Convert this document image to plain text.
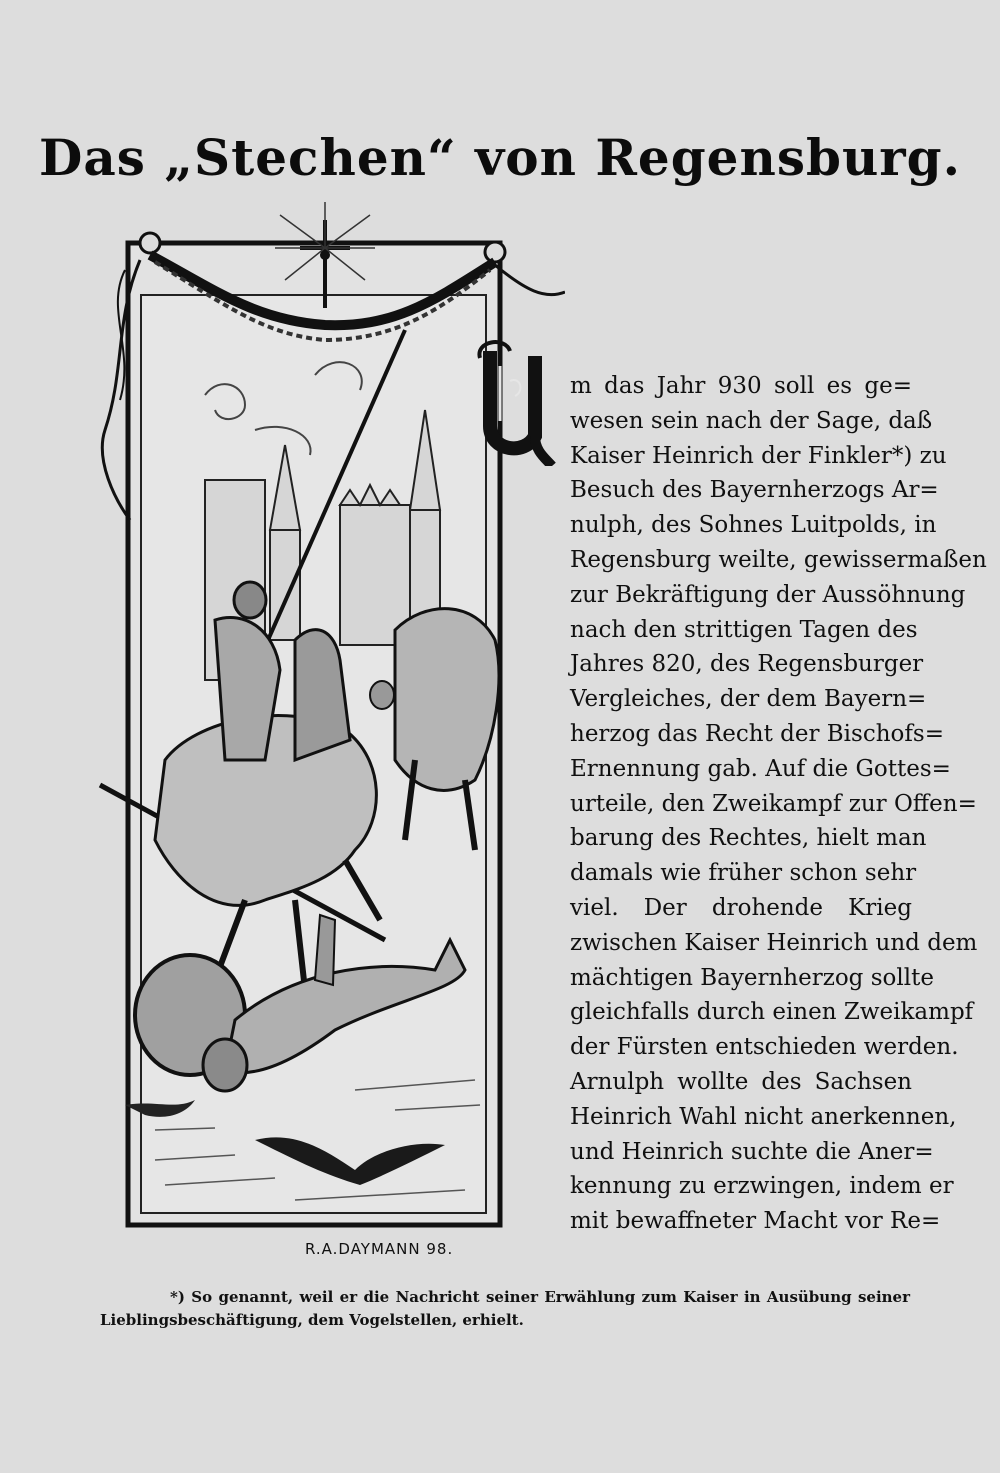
Das „Stechen“ von Regensburg.
R.A.DAYMANN 98.
U
m das Jahr 930 soll es ge=
wesen sein nach der Sage, daß
Kaiser Heinrich der Finkler*) zu
Besuch des Bayernherzogs Ar=
nulph, des Sohnes Luitpolds, in
Regensburg weilte, gewissermaßen
zur Bekräftigung der Aussöhnung
nach den strittigen Tagen des
Jahres 820, des Regensburger
Vergleiches, der dem Bayern=
herzog das Recht der Bischofs=
Ernennung gab. Auf die Gottes=
urteile, den Zweikampf zur Offen=
barung des Rechtes, hielt man
damals wie früher schon sehr
viel. Der drohende Krieg
zwischen Kaiser Heinrich und dem
mächtigen Bayernherzog sollte
gleichfalls durch einen Zweikampf
der Fürsten entschieden werden.
Arnulph wollte des Sachsen
Heinrich Wahl nicht anerkennen,
und Heinrich suchte die Aner=
kennung zu erzwingen, indem er
mit bewaffneter Macht vor Re=
*) So genannt, weil er die Nachricht seiner Erwählung zum Kaiser in Ausübung seiner
Lieblingsbeschäftigung, dem Vogelstellen, erhielt.
